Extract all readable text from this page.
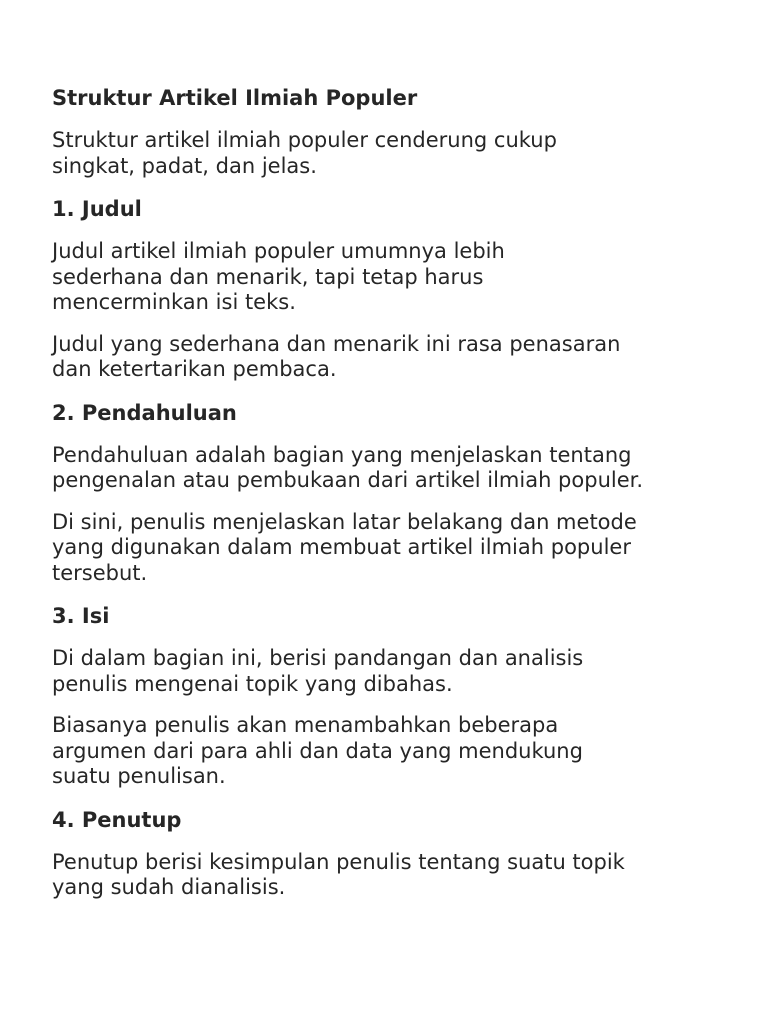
Struktur Artikel Ilmiah Populer
Struktur artikel ilmiah populer cenderung cukup
singkat, padat, dan jelas.
1. Judul
Judul artikel ilmiah populer umumnya lebih
sederhana dan menarik, tapi tetap harus
mencerminkan isi teks.
Judul yang sederhana dan menarik ini rasa penasaran
dan ketertarikan pembaca.
2. Pendahuluan
Pendahuluan adalah bagian yang menjelaskan tentang
pengenalan atau pembukaan dari artikel ilmiah populer.
Di sini, penulis menjelaskan latar belakang dan metode
yang digunakan dalam membuat artikel ilmiah populer
tersebut.
3. Isi
Di dalam bagian ini, berisi pandangan dan analisis
penulis mengenai topik yang dibahas.
Biasanya penulis akan menambahkan beberapa
argumen dari para ahli dan data yang mendukung
suatu penulisan.
4. Penutup
Penutup berisi kesimpulan penulis tentang suatu topik
yang sudah dianalisis.
